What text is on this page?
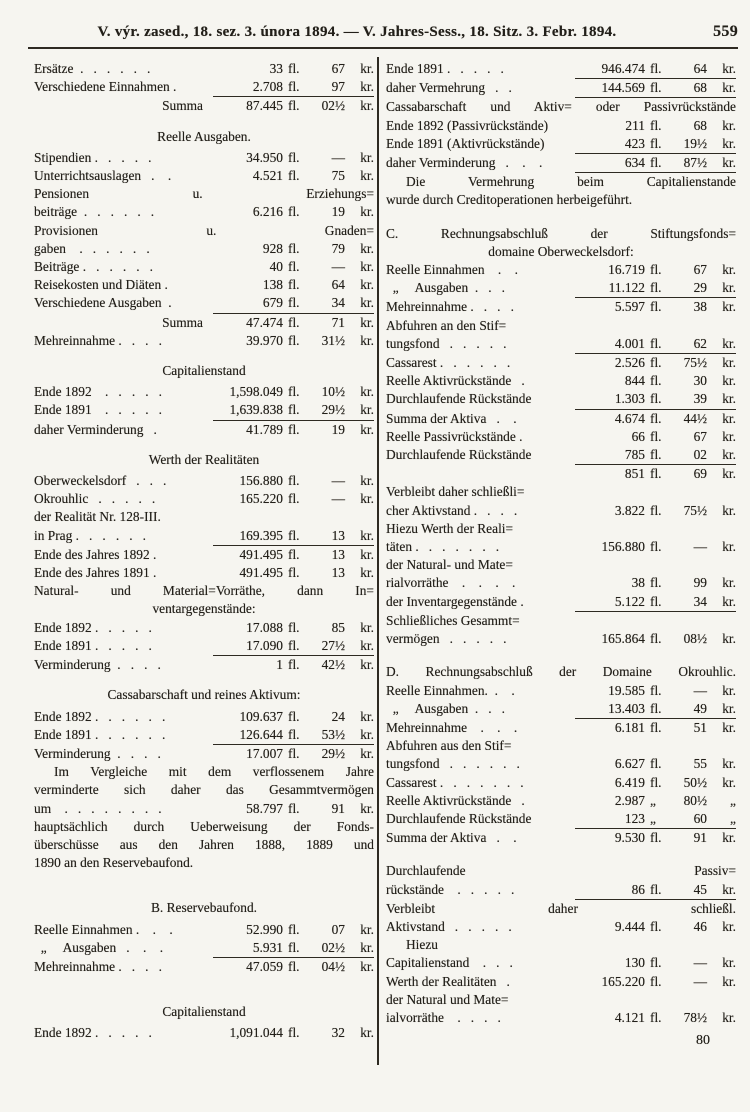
V. výr. zased., 18. sez. 3. února 1894. — V. Jahres-Sess., 18. Sitz. 3. Febr. 1894.	559
Ersätze  .   .   .   .   .   .	33 fl.	67	kr.
Verschiedene Einnahmen .	2.708 fl.	97	kr.
Summa	87.445 fl.	02½	kr.
Reelle Ausgaben.
Stipendien .   .   .   .   .	34.950 fl.	—	kr.
Unterrichtsauslagen   .    .	4.521 fl.	75	kr.
Pensionen u. Erziehungs=
beiträge  .   .   .   .   .   .	6.216 fl.	19	kr.
Provisionen u. Gnaden=
gaben    .   .   .   .   .   .	928 fl.	79	kr.
Beiträge .   .   .   .   .   .	40 fl.	—	kr.
Reisekosten und Diäten .	138 fl.	64	kr.
Verschiedene Ausgaben  .	679 fl.	34	kr.
Summa	47.474 fl.	71	kr.
Mehreinnahme .   .   .   .	39.970 fl.	31½	kr.
Capitalienstand
Ende 1892    .   .   .   .   .	1,598.049 fl.	10½	kr.
Ende 1891    .   .   .   .   .	1,639.838 fl.	29½	kr.
daher Verminderung   .	41.789 fl.	19	kr.
Werth der Realitäten
Oberweckelsdorf   .   .   .	156.880 fl.	—	kr.
Okrouhlic   .   .   .   .   .	165.220 fl.	—	kr.
der Realität Nr. 128-III.
in Prag .   .   .   .   .   .	169.395 fl.	13	kr.
Ende des Jahres 1892 .	491.495 fl.	13	kr.
Ende des Jahres 1891 .	491.495 fl.	13	kr.
Natural- und Material=Vorräthe, dann In=
ventargegenstände:
Ende 1892 .   .   .   .   .	17.088 fl.	85	kr.
Ende 1891 .   .   .   .   .	17.090 fl.	27½	kr.
Verminderung  .   .   .   .	1 fl.	42½	kr.
Cassabarschaft und reines Aktivum:
Ende 1892 .   .   .   .   .   .	109.637 fl.	24	kr.
Ende 1891 .   .   .   .   .   .	126.644 fl.	53½	kr.
Verminderung  .   .   .   .	17.007 fl.	29½	kr.
Im Vergleiche mit dem verflossenem Jahre
verminderte sich daher das Gesammtvermögen
um    .   .   .   .   .   .   .   .	58.797 fl.	91	kr.
hauptsächlich durch Ueberweisung der Fonds-
überschüsse aus den Jahren 1888, 1889 und
1890 an den Reservebaufond.
B. Reservebaufond.
Reelle Einnahmen .    .    .	52.990 fl.	07	kr.
„     Ausgaben   .    .    .	5.931 fl.	02½	kr.
Mehreinnahme .   .   .   .	47.059 fl.	04½	kr.
Capitalienstand
Ende 1892 .   .   .   .   .	1,091.044 fl.	32	kr.
Ende 1891 .   .   .   .   .	946.474 fl.	64	kr.
daher Vermehrung   .   .	144.569 fl.	68	kr.
Cassabarschaft und Aktiv= oder Passivrückstände
Ende 1892 (Passivrückstände)	211 fl.	68	kr.
Ende 1891 (Aktivrückstände)	423 fl.	19½	kr.
daher Verminderung   .    .    .	634 fl.	87½	kr.
Die Vermehrung beim Capitalienstande
wurde durch Creditoperationen herbeigeführt.
C. Rechnungsabschluß der Stiftungsfonds=
domaine Oberweckelsdorf:
Reelle Einnahmen    .    .	16.719 fl.	67	kr.
„     Ausgaben  .   .   .	11.122 fl.	29	kr.
Mehreinnahme .   .   .   .	5.597 fl.	38	kr.
Abfuhren an den Stif=
tungsfond   .   .   .   .   .	4.001 fl.	62	kr.
Cassarest .   .   .   .   .   .	2.526 fl.	75½	kr.
Reelle Aktivrückstände   .	844 fl.	30	kr.
Durchlaufende Rückstände	1.303 fl.	39	kr.
Summa der Aktiva   .    .	4.674 fl.	44½	kr.
Reelle Passivrückstände .	66 fl.	67	kr.
Durchlaufende Rückstände	785 fl.	02	kr.
851 fl.	69	kr.
Verbleibt daher schließli=
cher Aktivstand .   .   .   .	3.822 fl.	75½	kr.
Hiezu Werth der Reali=
täten .   .   .   .   .   .   .	156.880 fl.	—	kr.
der Natural- und Mate=
rialvorräthe    .    .    .    .	38 fl.	99	kr.
der Inventargegenstände .	5.122 fl.	34	kr.
Schließliches Gesammt=
vermögen   .   .   .   .   .	165.864 fl.	08½	kr.
D. Rechnungsabschluß der Domaine Okrouhlic.
Reelle Einnahmen.  .    .	19.585 fl.	—	kr.
„     Ausgaben  .   .   .	13.403 fl.	49	kr.
Mehreinnahme    .    .    .	6.181 fl.	51	kr.
Abfuhren aus den Stif=
tungsfond   .   .   .   .   .   .	6.627 fl.	55	kr.
Cassarest .   .   .   .   .   .   .	6.419 fl.	50½	kr.
Reelle Aktivrückstände   .	2.987 „	80½	„
Durchlaufende Rückstände	123 „	60	„
Summa der Aktiva   .    .	9.530 fl.	91	kr.
Durchlaufende Passiv=
rückstände    .   .   .   .   .	86 fl.	45	kr.
Verbleibt daher schließl.
Aktivstand   .   .   .   .   .	9.444 fl.	46	kr.
Hiezu
Capitalienstand    .   .   .	130 fl.	—	kr.
Werth der Realitäten   .	165.220 fl.	—	kr.
der Natural und Mate=
ialvorräthe    .   .   .   .	4.121 fl.	78½	kr.
80
